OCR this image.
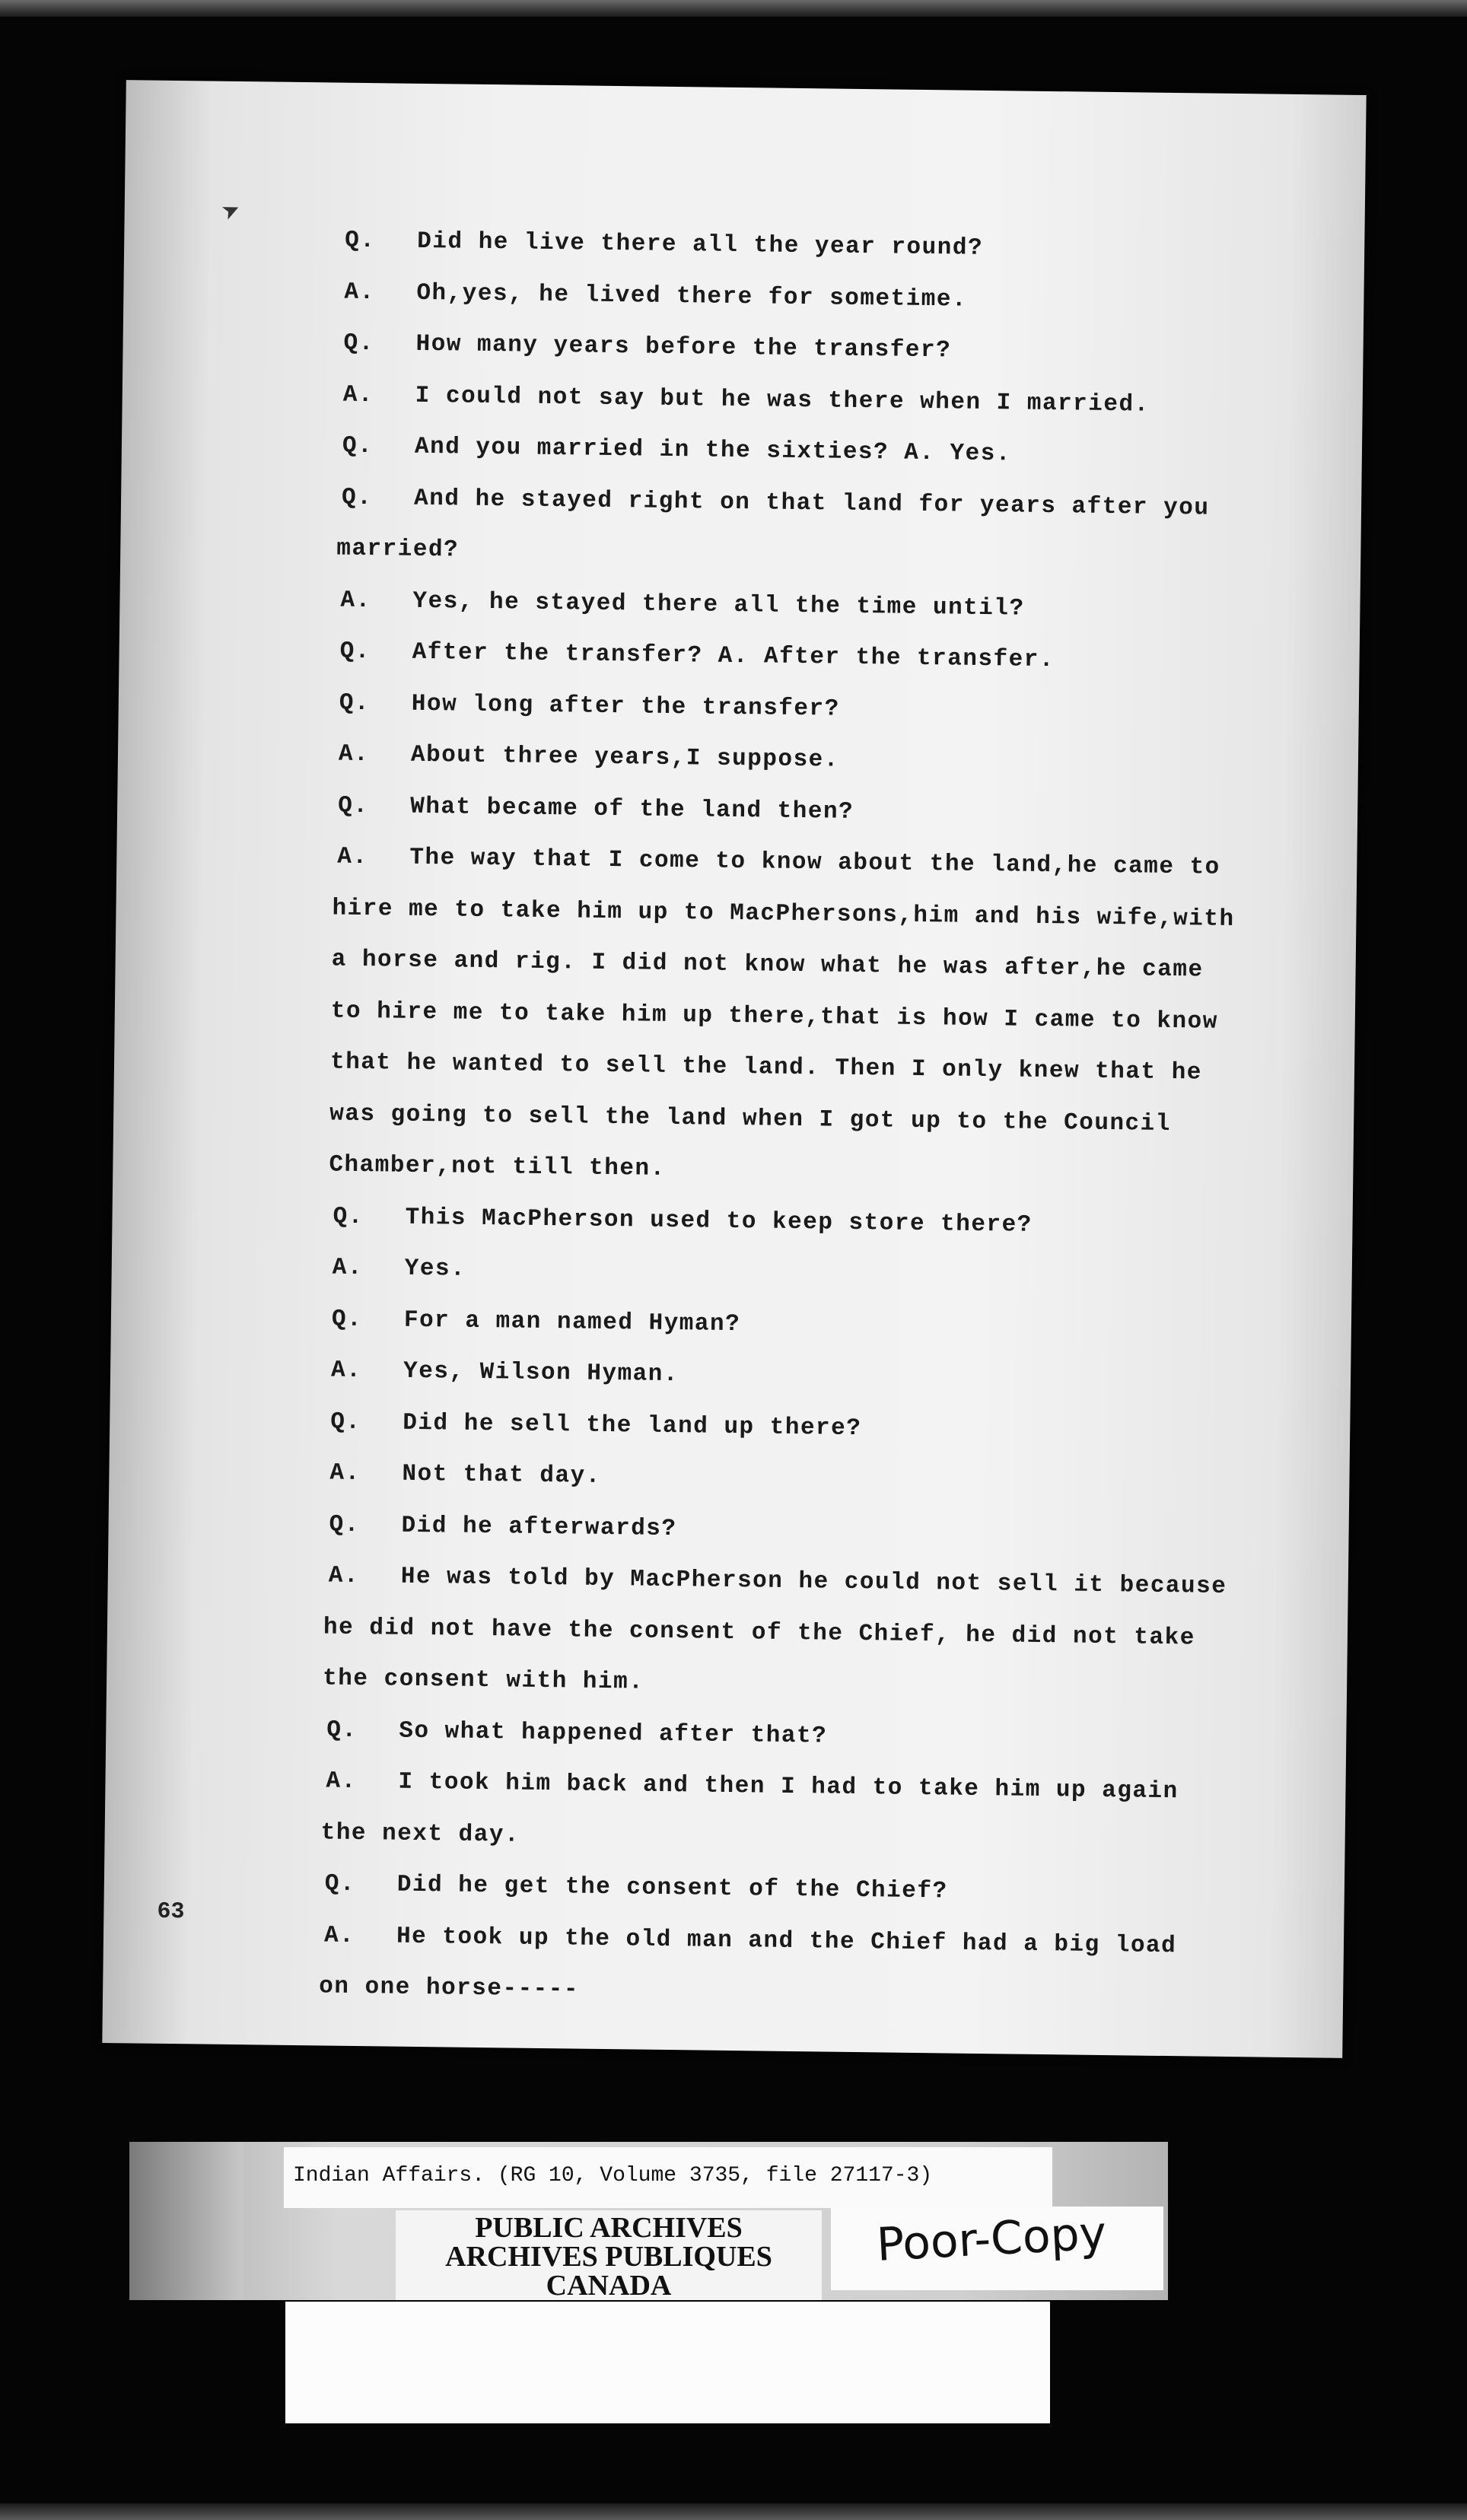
➤
Q. Did he live there all the year round?
A. Oh,yes, he lived there for sometime.
Q. How many years before the transfer?
A. I could not say but he was there when I married.
Q. And you married in the sixties? A. Yes.
Q. And he stayed right on that land for years after you
married?
A. Yes, he stayed there all the time until?
Q. After the transfer? A. After the transfer.
Q. How long after the transfer?
A. About three years,I suppose.
Q. What became of the land then?
A. The way that I come to know about the land,he came to
hire me to take him up to MacPhersons,him and his wife,with
a horse and rig. I did not know what he was after,he came
to hire me to take him up there,that is how I came to know
that he wanted to sell the land. Then I only knew that he
was going to sell the land when I got up to the Council
Chamber,not till then.
Q. This MacPherson used to keep store there?
A. Yes.
Q. For a man named Hyman?
A. Yes, Wilson Hyman.
Q. Did he sell the land up there?
A. Not that day.
Q. Did he afterwards?
A. He was told by MacPherson he could not sell it because
he did not have the consent of the Chief, he did not take
the consent with him.
Q. So what happened after that?
A. I took him back and then I had to take him up again
the next day.
Q. Did he get the consent of the Chief?
A. He took up the old man and the Chief had a big load
on one horse-----
63
Indian Affairs. (RG 10, Volume 3735, file 27117-3)
PUBLIC ARCHIVES
ARCHIVES PUBLIQUES
CANADA
Poor-Copy
